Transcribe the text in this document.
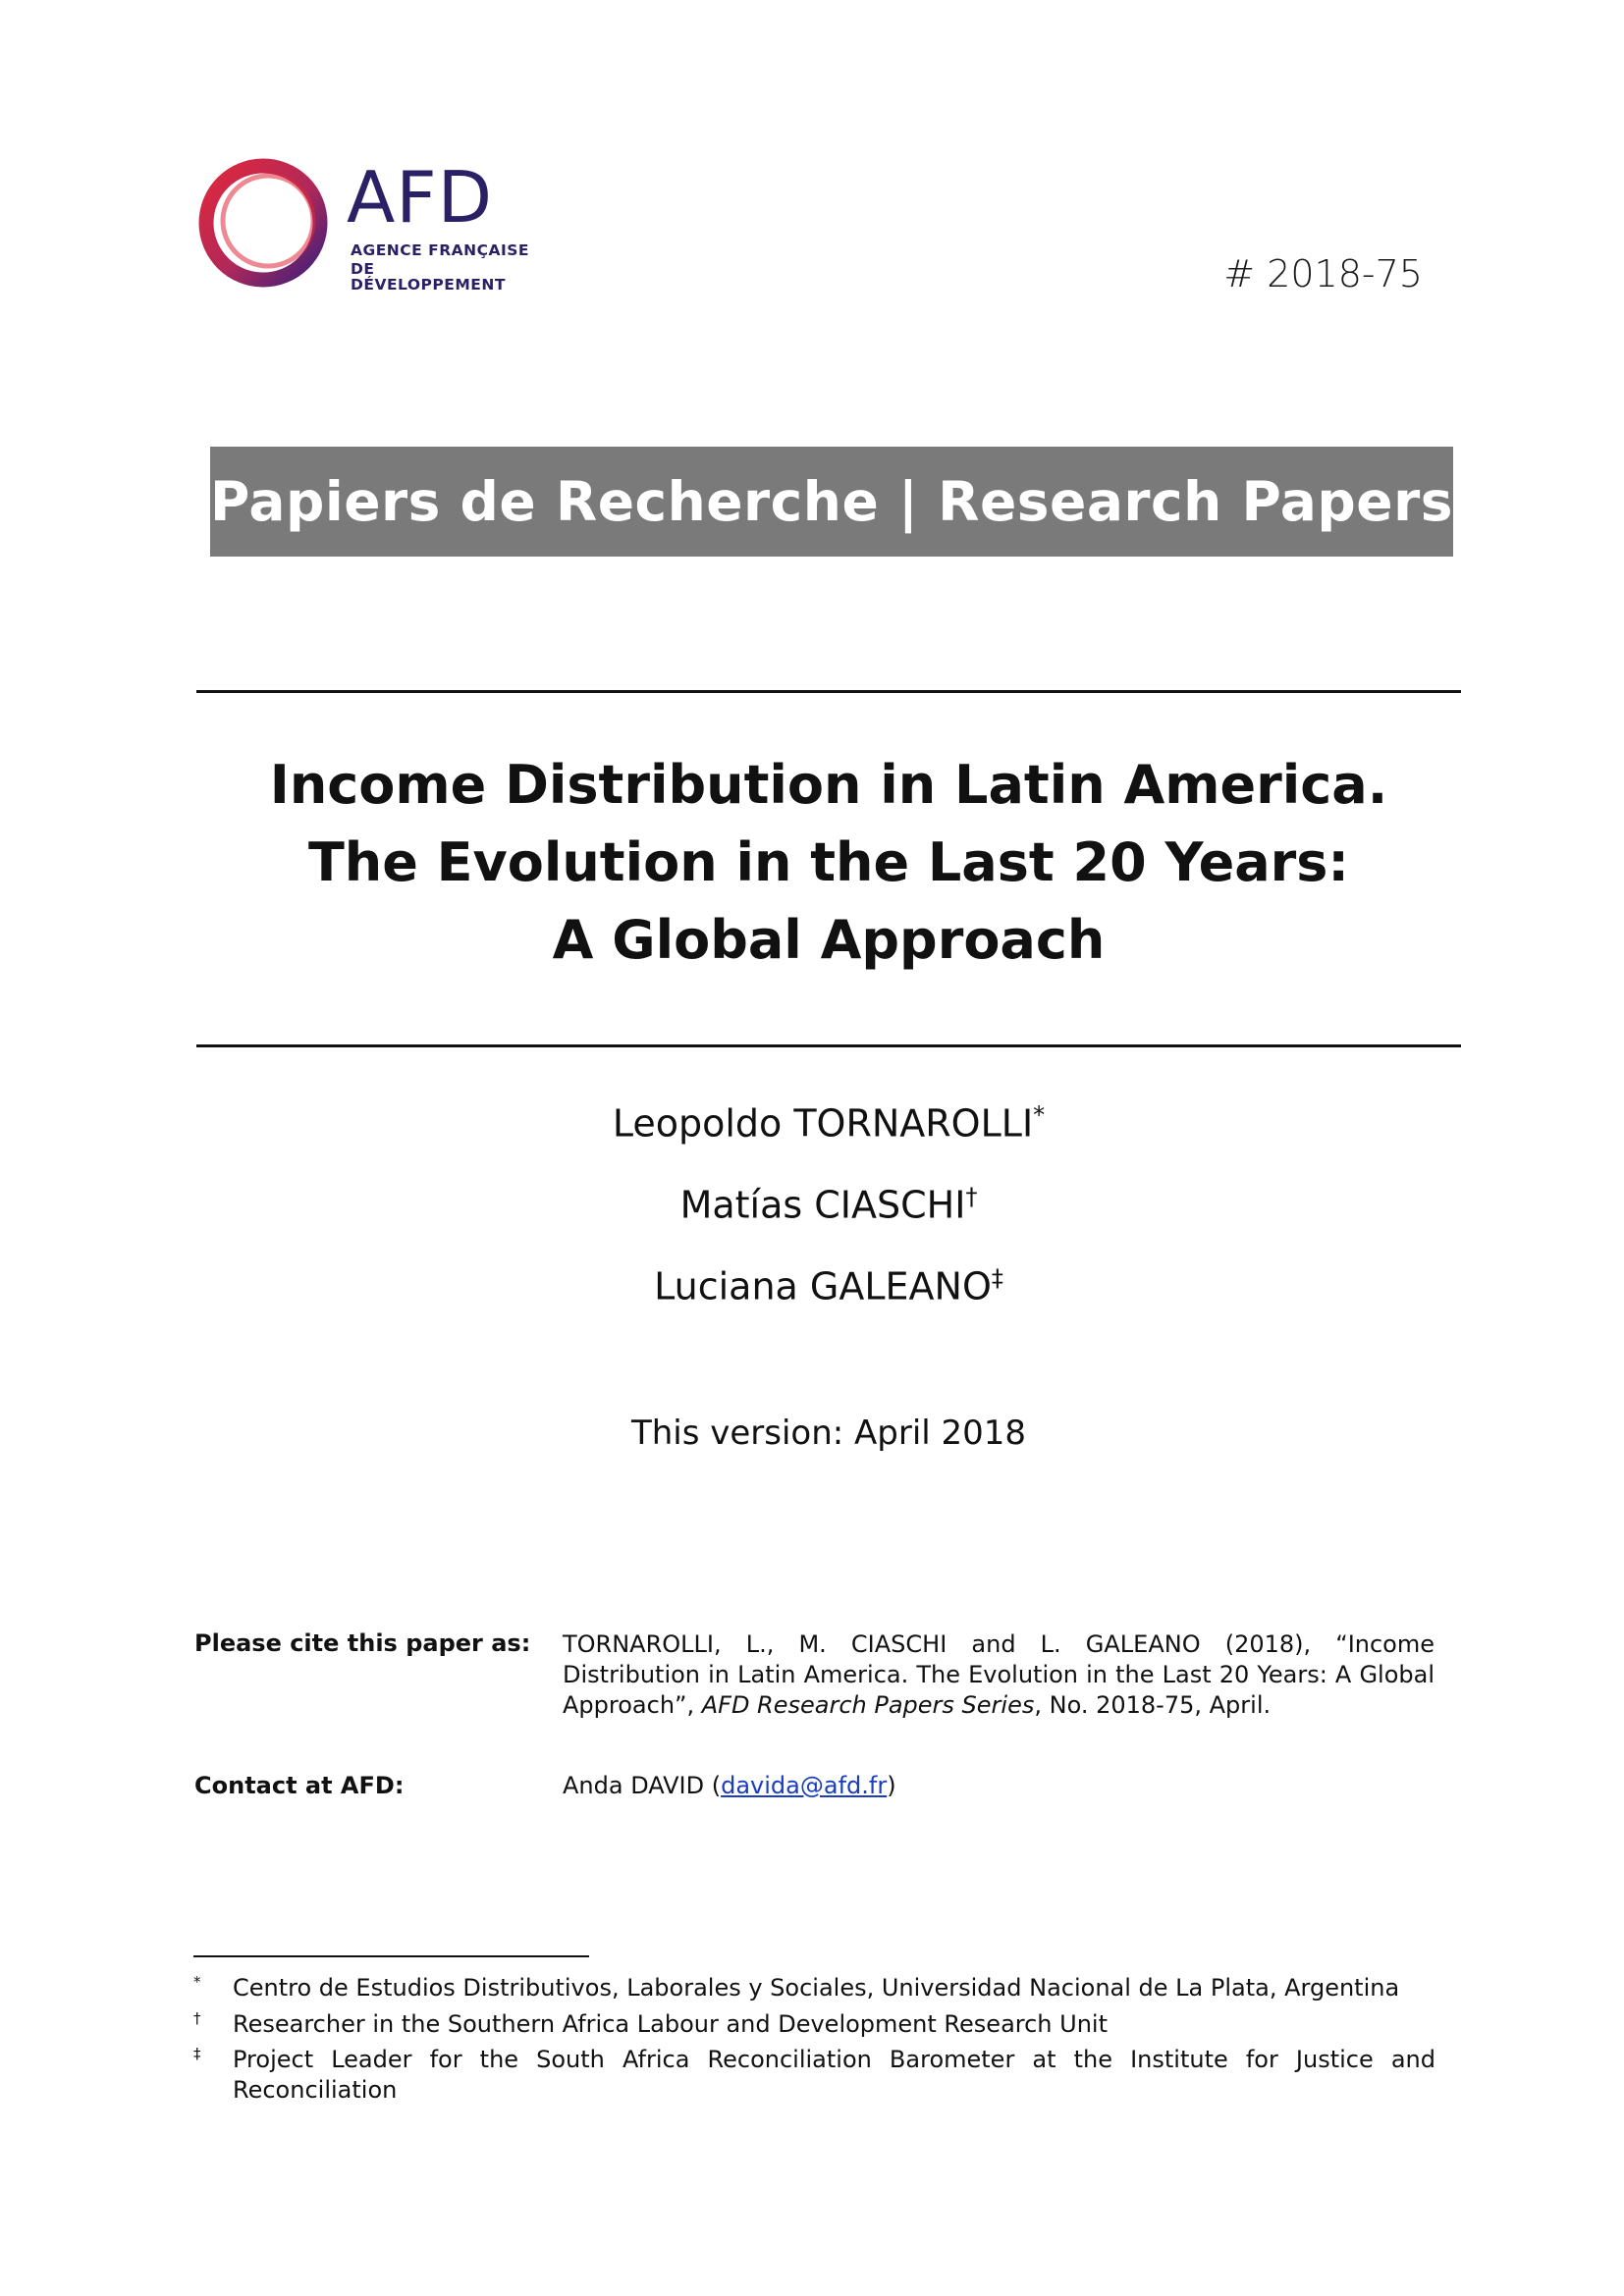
AFD
AGENCE FRANÇAISE
DE DÉVELOPPEMENT	# 2018-75
Papiers de Recherche | Research Papers
Income Distribution in Latin America.
The Evolution in the Last 20 Years:
A Global Approach
Leopoldo TORNAROLLI*
Matías CIASCHI†
Luciana GALEANO‡
This version: April 2018
Please cite this paper as: TORNAROLLI, L., M. CIASCHI and L. GALEANO (2018), “Income Distribution in Latin America. The Evolution in the Last 20 Years: A Global Approach”, AFD Research Papers Series, No. 2018-75, April.
Contact at AFD:	Anda DAVID (davida@afd.fr)
* Centro de Estudios Distributivos, Laborales y Sociales, Universidad Nacional de La Plata, Argentina
† Researcher in the Southern Africa Labour and Development Research Unit
‡ Project Leader for the South Africa Reconciliation Barometer at the Institute for Justice and Reconciliation
